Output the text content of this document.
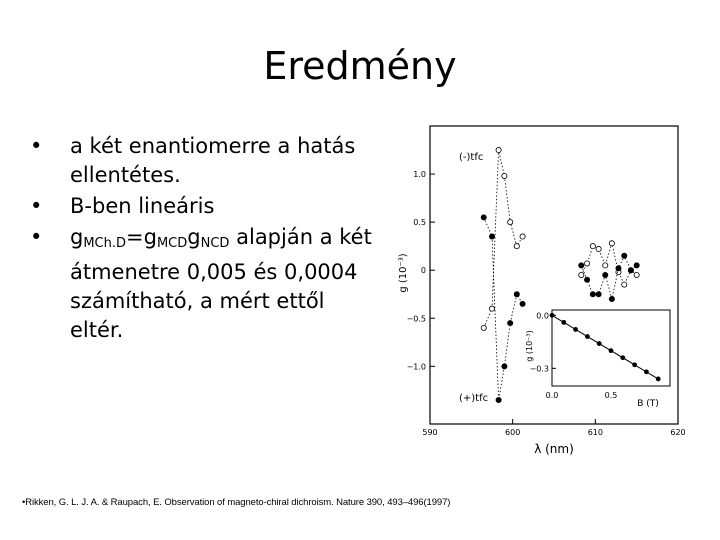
Eredmény
• a két enantiomerre a hatás ellentétes.
• B-ben lineáris
• $g_{MCh.D}=g_{MCD}g_{NCD}$ alapján a két átmenetre 0,005 és 0,0004 számítható, a mért ettől eltér.
590	600	610	620
1.0
0.5
0
−0.5
−1.0
(-)tfc
(+)tfc
λ (nm)
g (10⁻³)
0.0	0.5
0.0
−0.3
B (T)
g (10⁻³)
•Rikken, G. L. J. A. & Raupach, E. Observation of magneto-chiral dichroism. Nature 390, 493–496(1997)
